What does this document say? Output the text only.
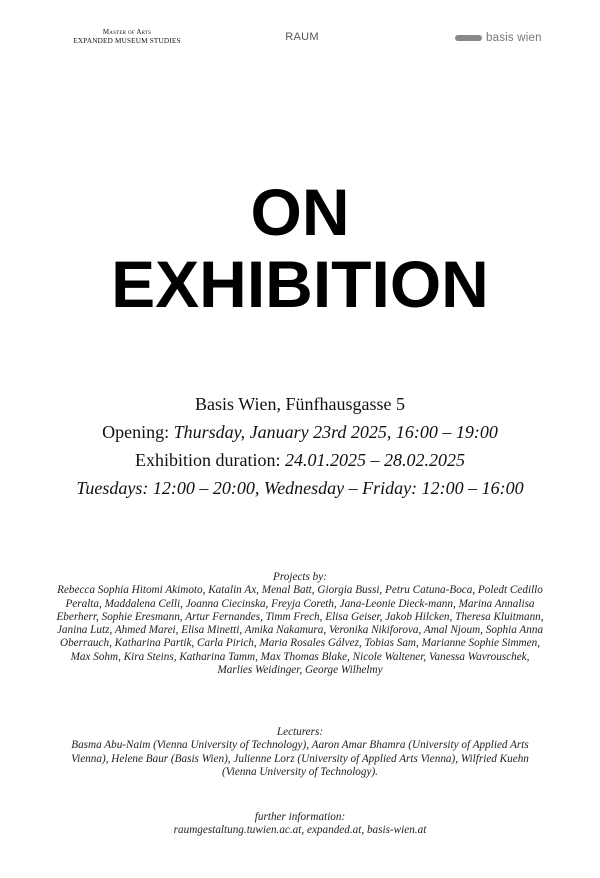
Master of Arts
EXPANDED MUSEUM STUDIES	RAUM	basis wien
ON
EXHIBITION
Basis Wien, Fünfhausgasse 5
Opening: Thursday, January 23rd 2025, 16:00 – 19:00
Exhibition duration: 24.01.2025 – 28.02.2025
Tuesdays: 12:00 – 20:00, Wednesday – Friday: 12:00 – 16:00
Projects by:
Rebecca Sophia Hitomi Akimoto, Katalin Ax, Menal Batt, Giorgia Bussi, Petru Catuna-Boca, Poledt Cedillo Peralta, Maddalena Celli, Joanna Ciecinska, Freyja Coreth, Jana-Leonie Dieck-mann, Marina Annalisa Eberherr, Sophie Eresmann, Artur Fernandes, Timm Frech, Elisa Geiser, Jakob Hilcken, Theresa Kluitmann, Janina Lutz, Ahmed Marei, Elisa Minetti, Amika Nakamura, Veronika Nikiforova, Amal Njoum, Sophia Anna Oberrauch, Katharina Partik, Carla Pirich, Maria Rosales Gálvez, Tobias Sam, Marianne Sophie Simmen, Max Sohm, Kira Steins, Katharina Tamm, Max Thomas Blake, Nicole Waltener, Vanessa Wavrouschek, Marlies Weidinger, George Wilhelmy
Lecturers:
Basma Abu-Naim (Vienna University of Technology), Aaron Amar Bhamra (University of Applied Arts Vienna), Helene Baur (Basis Wien), Julienne Lorz (University of Applied Arts Vienna), Wilfried Kuehn (Vienna University of Technology).
further information:
raumgestaltung.tuwien.ac.at, expanded.at, basis-wien.at
